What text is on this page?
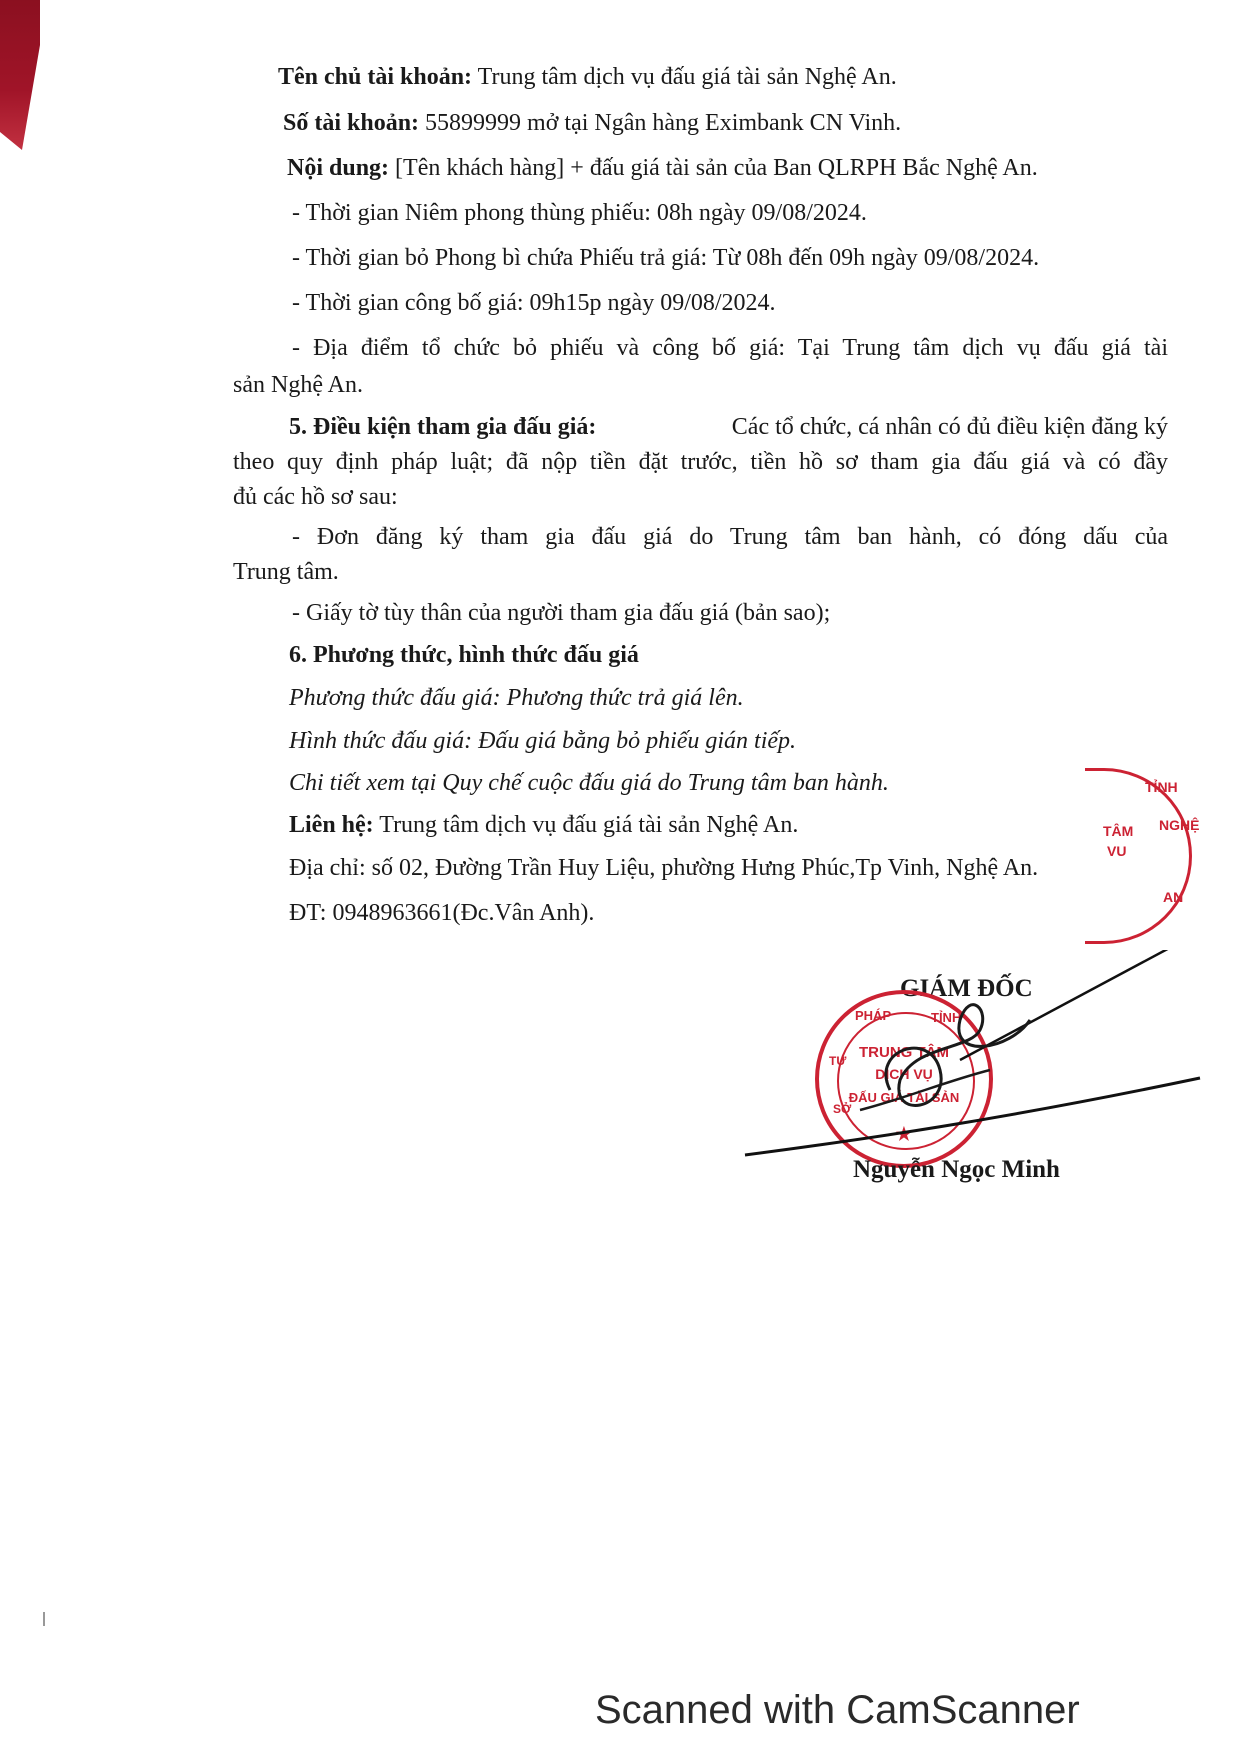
Tên chủ tài khoản: Trung tâm dịch vụ đấu giá tài sản Nghệ An.
Số tài khoản: 55899999 mở tại Ngân hàng Eximbank CN Vinh.
Nội dung: [Tên khách hàng] + đấu giá tài sản của Ban QLRPH Bắc Nghệ An.
- Thời gian Niêm phong thùng phiếu: 08h ngày 09/08/2024.
- Thời gian bỏ Phong bì chứa Phiếu trả giá: Từ 08h đến 09h ngày 09/08/2024.
- Thời gian công bố giá: 09h15p ngày 09/08/2024.
- Địa điểm tổ chức bỏ phiếu và công bố giá: Tại Trung tâm dịch vụ đấu giá tài
sản Nghệ An.
5. Điều kiện tham gia đấu giá:	Các tổ chức, cá nhân có đủ điều kiện đăng ký
theo quy định pháp luật; đã nộp tiền đặt trước, tiền hồ sơ tham gia đấu giá và có đầy
đủ các hồ sơ sau:
- Đơn đăng ký tham gia đấu giá do Trung tâm ban hành, có đóng dấu của
Trung tâm.
- Giấy tờ tùy thân của người tham gia đấu giá (bản sao);
6. Phương thức, hình thức đấu giá
Phương thức đấu giá: Phương thức trả giá lên.
Hình thức đấu giá: Đấu giá bằng bỏ phiếu gián tiếp.
Chi tiết xem tại Quy chế cuộc đấu giá do Trung tâm ban hành.
Liên hệ: Trung tâm dịch vụ đấu giá tài sản Nghệ An.
Địa chỉ: số 02, Đường Trần Huy Liệu, phường Hưng Phúc,Tp Vinh, Nghệ An.
ĐT: 0948963661(Đc.Vân Anh).
TỈNH
TÂM
VU
NGHỆ
AN
GIÁM ĐỐC
PHÁP	TỈNH
TRUNG TÂM
DỊCH VỤ
ĐẤU GIÁ TÀI SẢN
TƯ
SỞ
★
Nguyễn Ngọc Minh
Scanned with CamScanner
